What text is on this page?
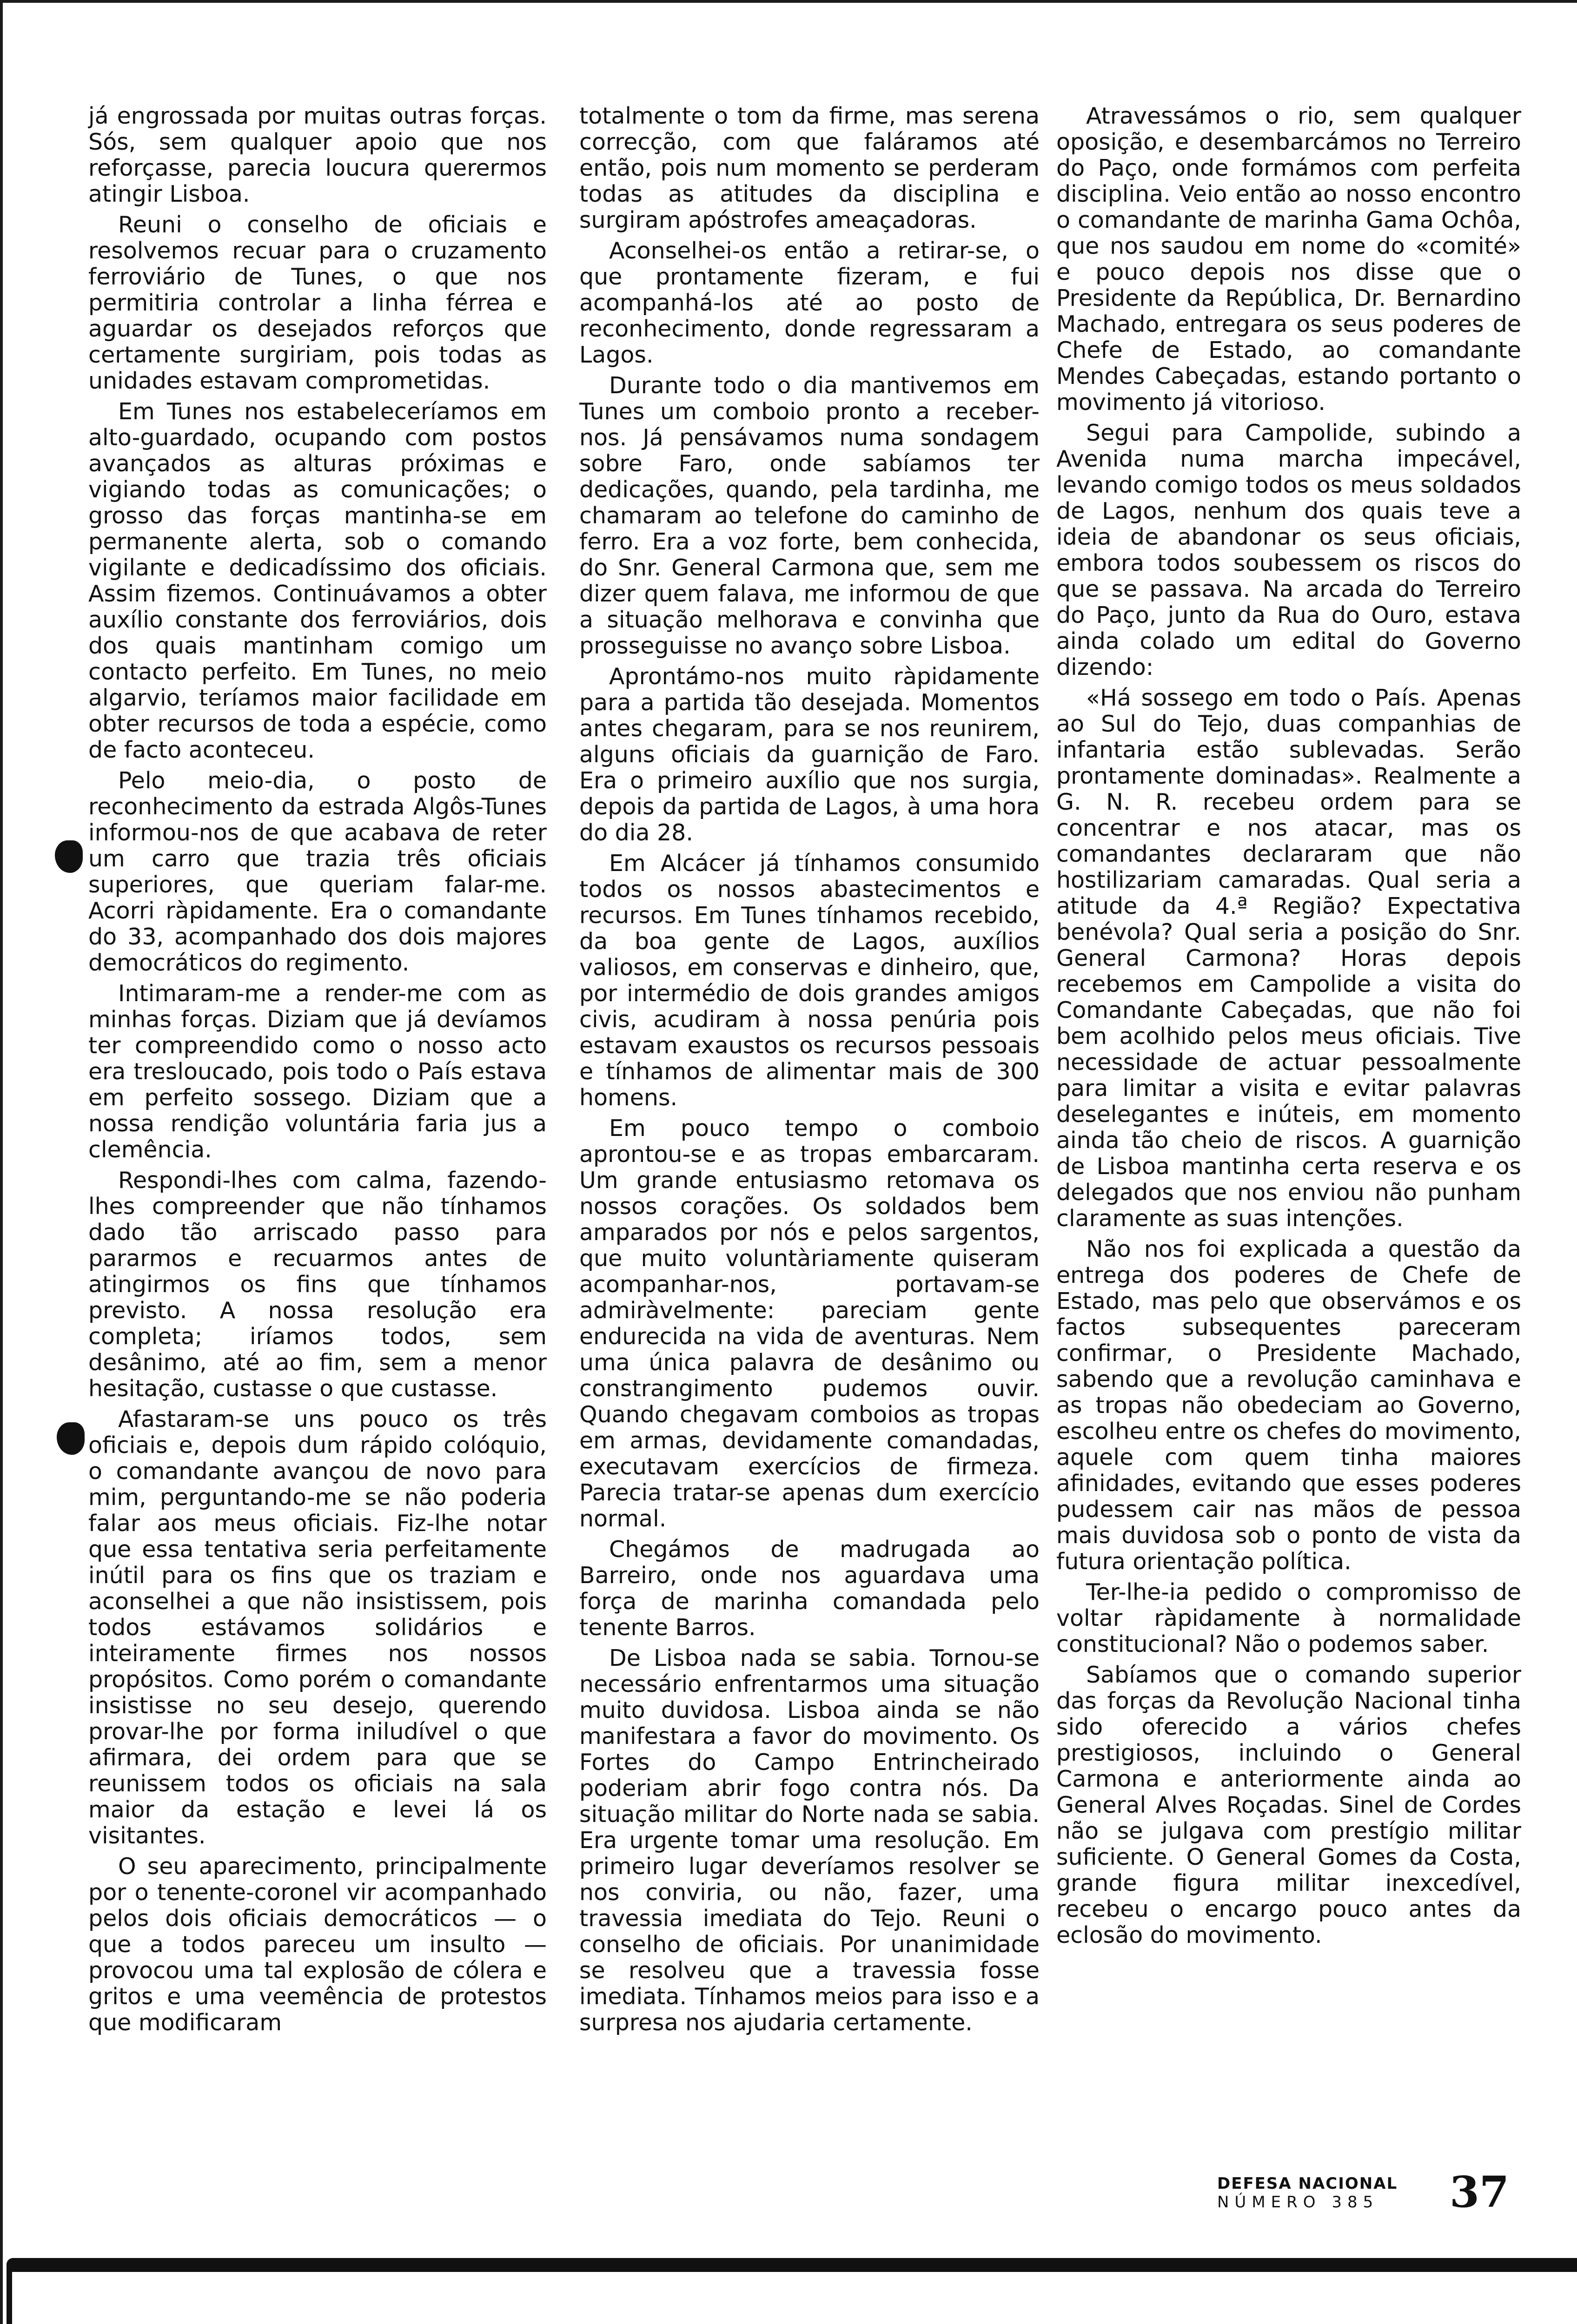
já engrossada por muitas outras forças. Sós, sem qualquer apoio que nos reforçasse, parecia loucura querermos atingir Lisboa.

Reuni o conselho de oficiais e resolvemos recuar para o cruzamento ferroviário de Tunes, o que nos permitiria controlar a linha férrea e aguardar os desejados reforços que certamente surgiriam, pois todas as unidades estavam comprometidas.

Em Tunes nos estabeleceríamos em alto-guardado, ocupando com postos avançados as alturas próximas e vigiando todas as comunicações; o grosso das forças mantinha-se em permanente alerta, sob o comando vigilante e dedicadíssimo dos oficiais. Assim fizemos. Continuávamos a obter auxílio constante dos ferroviários, dois dos quais mantinham comigo um contacto perfeito. Em Tunes, no meio algarvio, teríamos maior facilidade em obter recursos de toda a espécie, como de facto aconteceu.

Pelo meio-dia, o posto de reconhecimento da estrada Algôs-Tunes informou-nos de que acabava de reter um carro que trazia três oficiais superiores, que queriam falar-me. Acorri ràpidamente. Era o comandante do 33, acompanhado dos dois majores democráticos do regimento.

Intimaram-me a render-me com as minhas forças. Diziam que já devíamos ter compreendido como o nosso acto era tresloucado, pois todo o País estava em perfeito sossego. Diziam que a nossa rendição voluntária faria jus a clemência.

Respondi-lhes com calma, fazendo-lhes compreender que não tínhamos dado tão arriscado passo para pararmos e recuarmos antes de atingirmos os fins que tínhamos previsto. A nossa resolução era completa; iríamos todos, sem desânimo, até ao fim, sem a menor hesitação, custasse o que custasse.

Afastaram-se uns pouco os três oficiais e, depois dum rápido colóquio, o comandante avançou de novo para mim, perguntando-me se não poderia falar aos meus oficiais. Fiz-lhe notar que essa tentativa seria perfeitamente inútil para os fins que os traziam e aconselhei a que não insistissem, pois todos estávamos solidários e inteiramente firmes nos nossos propósitos. Como porém o comandante insistisse no seu desejo, querendo provar-lhe por forma iniludível o que afirmara, dei ordem para que se reunissem todos os oficiais na sala maior da estação e levei lá os visitantes.

O seu aparecimento, principalmente por o tenente-coronel vir acompanhado pelos dois oficiais democráticos — o que a todos pareceu um insulto — provocou uma tal explosão de cólera e gritos e uma veemência de protestos que modificaram

totalmente o tom da firme, mas serena correcção, com que faláramos até então, pois num momento se perderam todas as atitudes da disciplina e surgiram apóstrofes ameaçadoras.

Aconselhei-os então a retirar-se, o que prontamente fizeram, e fui acompanhá-los até ao posto de reconhecimento, donde regressaram a Lagos.

Durante todo o dia mantivemos em Tunes um comboio pronto a receber-nos. Já pensávamos numa sondagem sobre Faro, onde sabíamos ter dedicações, quando, pela tardinha, me chamaram ao telefone do caminho de ferro. Era a voz forte, bem conhecida, do Snr. General Carmona que, sem me dizer quem falava, me informou de que a situação melhorava e convinha que prosseguisse no avanço sobre Lisboa.

Aprontámo-nos muito ràpidamente para a partida tão desejada. Momentos antes chegaram, para se nos reunirem, alguns oficiais da guarnição de Faro. Era o primeiro auxílio que nos surgia, depois da partida de Lagos, à uma hora do dia 28.

Em Alcácer já tínhamos consumido todos os nossos abastecimentos e recursos. Em Tunes tínhamos recebido, da boa gente de Lagos, auxílios valiosos, em conservas e dinheiro, que, por intermédio de dois grandes amigos civis, acudiram à nossa penúria pois estavam exaustos os recursos pessoais e tínhamos de alimentar mais de 300 homens.

Em pouco tempo o comboio aprontou-se e as tropas embarcaram. Um grande entusiasmo retomava os nossos corações. Os soldados bem amparados por nós e pelos sargentos, que muito voluntàriamente quiseram acompanhar-nos, portavam-se admiràvelmente: pareciam gente endurecida na vida de aventuras. Nem uma única palavra de desânimo ou constrangimento pudemos ouvir. Quando chegavam comboios as tropas em armas, devidamente comandadas, executavam exercícios de firmeza. Parecia tratar-se apenas dum exercício normal.

Chegámos de madrugada ao Barreiro, onde nos aguardava uma força de marinha comandada pelo tenente Barros.

De Lisboa nada se sabia. Tornou-se necessário enfrentarmos uma situação muito duvidosa. Lisboa ainda se não manifestara a favor do movimento. Os Fortes do Campo Entrincheirado poderiam abrir fogo contra nós. Da situação militar do Norte nada se sabia. Era urgente tomar uma resolução. Em primeiro lugar deveríamos resolver se nos conviria, ou não, fazer, uma travessia imediata do Tejo. Reuni o conselho de oficiais. Por unanimidade se resolveu que a travessia fosse imediata. Tínhamos meios para isso e a surpresa nos ajudaria certamente.

Atravessámos o rio, sem qualquer oposição, e desembarcámos no Terreiro do Paço, onde formámos com perfeita disciplina. Veio então ao nosso encontro o comandante de marinha Gama Ochôa, que nos saudou em nome do «comité» e pouco depois nos disse que o Presidente da República, Dr. Bernardino Machado, entregara os seus poderes de Chefe de Estado, ao comandante Mendes Cabeçadas, estando portanto o movimento já vitorioso.

Segui para Campolide, subindo a Avenida numa marcha impecável, levando comigo todos os meus soldados de Lagos, nenhum dos quais teve a ideia de abandonar os seus oficiais, embora todos soubessem os riscos do que se passava. Na arcada do Terreiro do Paço, junto da Rua do Ouro, estava ainda colado um edital do Governo dizendo:

«Há sossego em todo o País. Apenas ao Sul do Tejo, duas companhias de infantaria estão sublevadas. Serão prontamente dominadas». Realmente a G. N. R. recebeu ordem para se concentrar e nos atacar, mas os comandantes declararam que não hostilizariam camaradas. Qual seria a atitude da 4.ª Região? Expectativa benévola? Qual seria a posição do Snr. General Carmona? Horas depois recebemos em Campolide a visita do Comandante Cabeçadas, que não foi bem acolhido pelos meus oficiais. Tive necessidade de actuar pessoalmente para limitar a visita e evitar palavras deselegantes e inúteis, em momento ainda tão cheio de riscos. A guarnição de Lisboa mantinha certa reserva e os delegados que nos enviou não punham claramente as suas intenções.

Não nos foi explicada a questão da entrega dos poderes de Chefe de Estado, mas pelo que observámos e os factos subsequentes pareceram confirmar, o Presidente Machado, sabendo que a revolução caminhava e as tropas não obedeciam ao Governo, escolheu entre os chefes do movimento, aquele com quem tinha maiores afinidades, evitando que esses poderes pudessem cair nas mãos de pessoa mais duvidosa sob o ponto de vista da futura orientação política.

Ter-lhe-ia pedido o compromisso de voltar ràpidamente à normalidade constitucional? Não o podemos saber.

Sabíamos que o comando superior das forças da Revolução Nacional tinha sido oferecido a vários chefes prestigiosos, incluindo o General Carmona e anteriormente ainda ao General Alves Roçadas. Sinel de Cordes não se julgava com prestígio militar suficiente. O General Gomes da Costa, grande figura militar inexcedível, recebeu o encargo pouco antes da eclosão do movimento.

DEFESA NACIONAL
NÚMERO 385	37
